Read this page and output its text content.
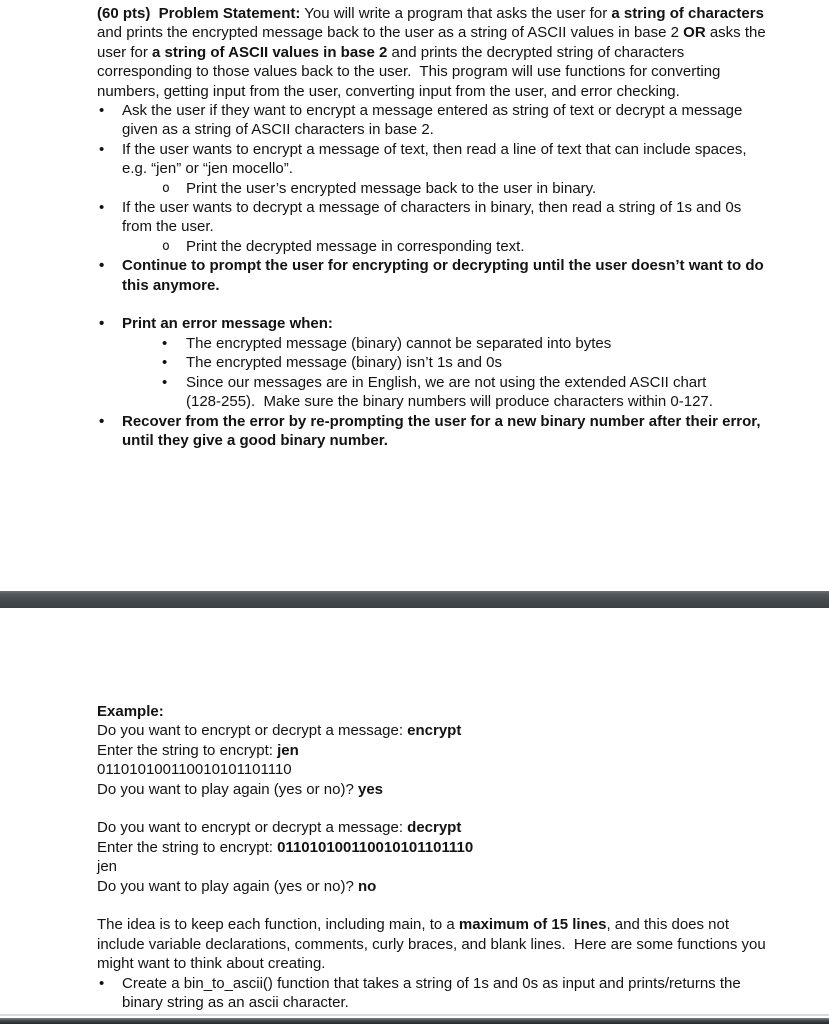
(60 pts)  Problem Statement: You will write a program that asks the user for a string of characters and prints the encrypted message back to the user as a string of ASCII values in base 2 OR asks the user for a string of ASCII values in base 2 and prints the decrypted string of characters corresponding to those values back to the user.  This program will use functions for converting numbers, getting input from the user, converting input from the user, and error checking.

• Ask the user if they want to encrypt a message entered as string of text or decrypt a message given as a string of ASCII characters in base 2.
• If the user wants to encrypt a message of text, then read a line of text that can include spaces, e.g. “jen” or “jen mocello”.
o Print the user’s encrypted message back to the user in binary.
• If the user wants to decrypt a message of characters in binary, then read a string of 1s and 0s from the user.
o Print the decrypted message in corresponding text.
• Continue to prompt the user for encrypting or decrypting until the user doesn’t want to do this anymore.
• Print an error message when:
• The encrypted message (binary) cannot be separated into bytes
• The encrypted message (binary) isn’t 1s and 0s
• Since our messages are in English, we are not using the extended ASCII chart (128-255).  Make sure the binary numbers will produce characters within 0-127.
• Recover from the error by re-prompting the user for a new binary number after their error, until they give a good binary number.
Example:
Do you want to encrypt or decrypt a message: encrypt
Enter the string to encrypt: jen
011010100110010101101110
Do you want to play again (yes or no)? yes
Do you want to encrypt or decrypt a message: decrypt
Enter the string to encrypt: 011010100110010101101110
jen
Do you want to play again (yes or no)? no

The idea is to keep each function, including main, to a maximum of 15 lines, and this does not include variable declarations, comments, curly braces, and blank lines.  Here are some functions you might want to think about creating.

• Create a bin_to_ascii() function that takes a string of 1s and 0s as input and prints/returns the binary string as an ascii character.
